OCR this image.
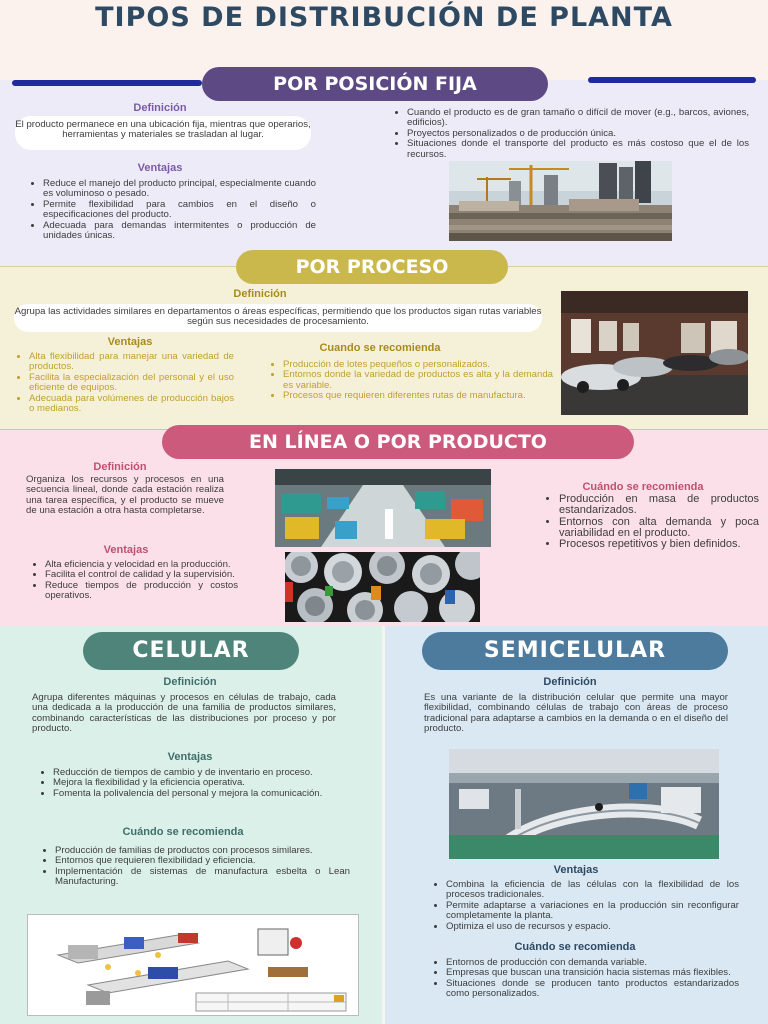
TIPOS DE DISTRIBUCIÓN DE PLANTA
POR POSICIÓN FIJA
Definición
El producto permanece en una ubicación fija, mientras que operarios, herramientas y materiales se trasladan al lugar.
Ventajas
• Reduce el manejo del producto principal, especialmente cuando es voluminoso o pesado.
• Permite flexibilidad para cambios en el diseño o especificaciones del producto.
• Adecuada para demandas intermitentes o producción de unidades únicas.
• Cuando el producto es de gran tamaño o difícil de mover (e.g., barcos, aviones, edificios).
• Proyectos personalizados o de producción única.
• Situaciones donde el transporte del producto es más costoso que el de los recursos.
POR PROCESO
Definición
Agrupa las actividades similares en departamentos o áreas específicas, permitiendo que los productos sigan rutas variables según sus necesidades de procesamiento.
Ventajas
• Alta flexibilidad para manejar una variedad de productos.
• Facilita la especialización del personal y el uso eficiente de equipos.
• Adecuada para volúmenes de producción bajos o medianos.
Cuando se recomienda
• Producción de lotes pequeños o personalizados.
• Entornos donde la variedad de productos es alta y la demanda es variable.
• Procesos que requieren diferentes rutas de manufactura.
EN LÍNEA O POR PRODUCTO
Definición
Organiza los recursos y procesos en una secuencia lineal, donde cada estación realiza una tarea específica, y el producto se mueve de una estación a otra hasta completarse.
Ventajas
• Alta eficiencia y velocidad en la producción.
• Facilita el control de calidad y la supervisión.
• Reduce tiempos de producción y costos operativos.
Cuándo se recomienda
• Producción en masa de productos estandarizados.
• Entornos con alta demanda y poca variabilidad en el producto.
• Procesos repetitivos y bien definidos.
CELULAR
Definición
Agrupa diferentes máquinas y procesos en células de trabajo, cada una dedicada a la producción de una familia de productos similares, combinando características de las distribuciones por proceso y por producto.
Ventajas
• Reducción de tiempos de cambio y de inventario en proceso.
• Mejora la flexibilidad y la eficiencia operativa.
• Fomenta la polivalencia del personal y mejora la comunicación.
Cuándo se recomienda
• Producción de familias de productos con procesos similares.
• Entornos que requieren flexibilidad y eficiencia.
• Implementación de sistemas de manufactura esbelta o Lean Manufacturing.
SEMICELULAR
Definición
Es una variante de la distribución celular que permite una mayor flexibilidad, combinando células de trabajo con áreas de proceso tradicional para adaptarse a cambios en la demanda o en el diseño del producto.
Ventajas
• Combina la eficiencia de las células con la flexibilidad de los procesos tradicionales.
• Permite adaptarse a variaciones en la producción sin reconfigurar completamente la planta.
• Optimiza el uso de recursos y espacio.
Cuándo se recomienda
• Entornos de producción con demanda variable.
• Empresas que buscan una transición hacia sistemas más flexibles.
• Situaciones donde se producen tanto productos estandarizados como personalizados.
